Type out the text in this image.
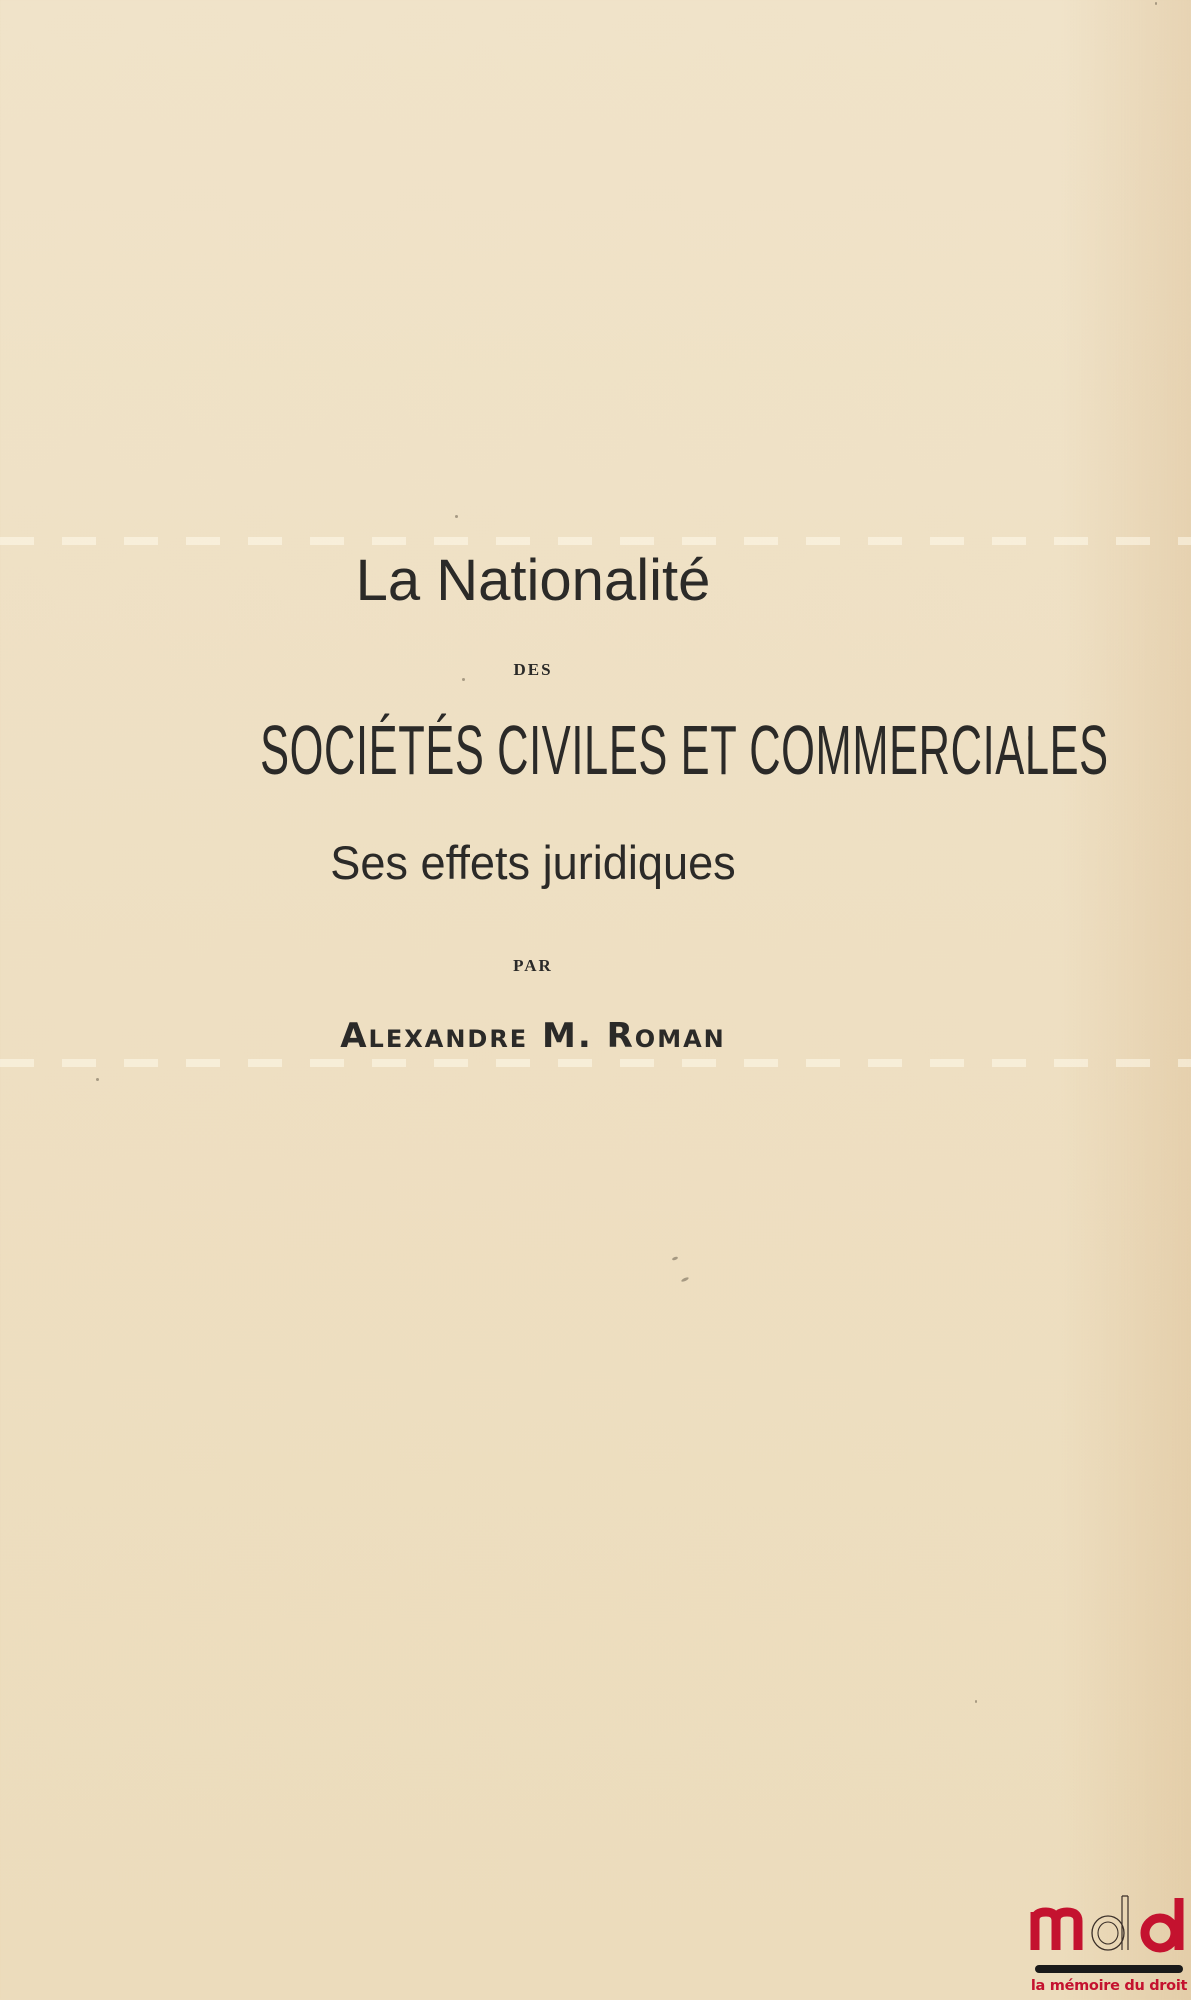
La Nationalité
DES
SOCIÉTÉS CIVILES ET COMMERCIALES
Ses effets juridiques
PAR
Alexandre M. Roman
la mémoire du droit
